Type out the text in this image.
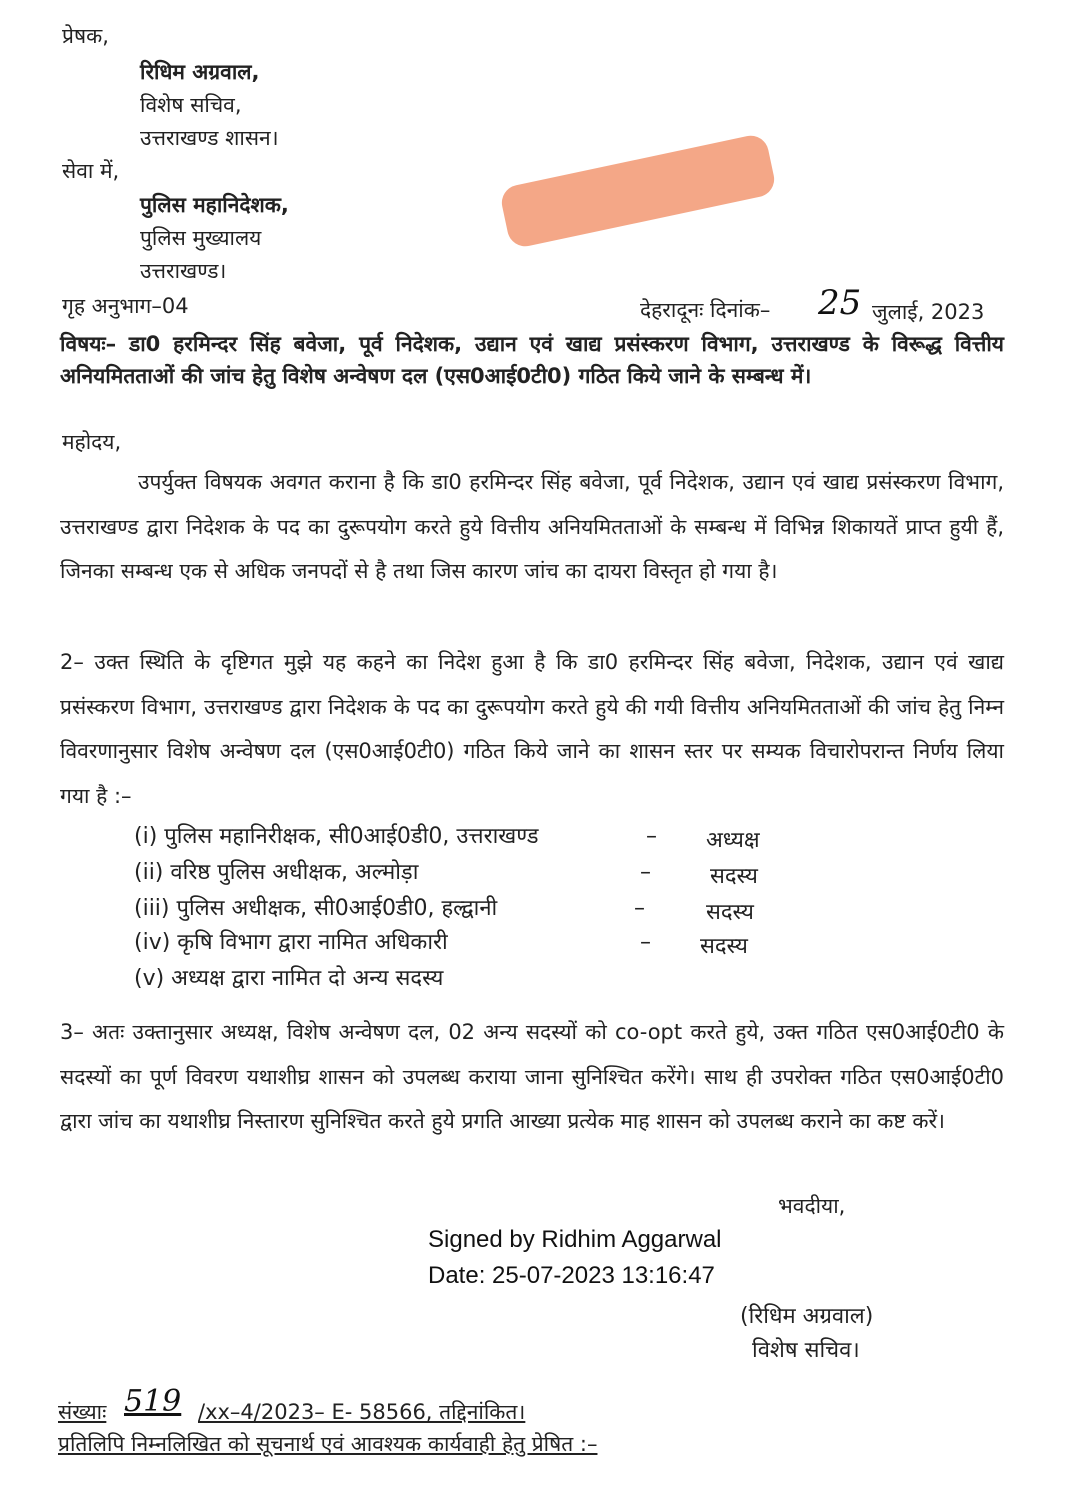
प्रेषक,
रिधिम अग्रवाल,
विशेष सचिव,
उत्तराखण्ड शासन।
सेवा में,
पुलिस महानिदेशक,
पुलिस मुख्यालय
उत्तराखण्ड।
गृह अनुभाग–04	देहरादूनः दिनांक– 25 जुलाई, 2023
विषयः– डा0 हरमिन्दर सिंह बवेजा, पूर्व निदेशक, उद्यान एवं खाद्य प्रसंस्करण विभाग, उत्तराखण्ड के विरूद्ध वित्तीय अनियमितताओं की जांच हेतु विशेष अन्वेषण दल (एस0आई0टी0) गठित किये जाने के सम्बन्ध में।
महोदय,
उपर्युक्त विषयक अवगत कराना है कि डा0 हरमिन्दर सिंह बवेजा, पूर्व निदेशक, उद्यान एवं खाद्य प्रसंस्करण विभाग, उत्तराखण्ड द्वारा निदेशक के पद का दुरूपयोग करते हुये वित्तीय अनियमितताओं के सम्बन्ध में विभिन्न शिकायतें प्राप्त हुयी हैं, जिनका सम्बन्ध एक से अधिक जनपदों से है तथा जिस कारण जांच का दायरा विस्तृत हो गया है।
2– उक्त स्थिति के दृष्टिगत मुझे यह कहने का निदेश हुआ है कि डा0 हरमिन्दर सिंह बवेजा, निदेशक, उद्यान एवं खाद्य प्रसंस्करण विभाग, उत्तराखण्ड द्वारा निदेशक के पद का दुरूपयोग करते हुये की गयी वित्तीय अनियमितताओं की जांच हेतु निम्न विवरणानुसार विशेष अन्वेषण दल (एस0आई0टी0) गठित किये जाने का शासन स्तर पर सम्यक विचारोपरान्त निर्णय लिया गया है :–
(i) पुलिस महानिरीक्षक, सी0आई0डी0, उत्तराखण्ड	– अध्यक्ष
(ii) वरिष्ठ पुलिस अधीक्षक, अल्मोड़ा	–	सदस्य
(iii) पुलिस अधीक्षक, सी0आई0डी0, हल्द्वानी	–	सदस्य
(iv) कृषि विभाग द्वारा नामित अधिकारी	– सदस्य
(v) अध्यक्ष द्वारा नामित दो अन्य सदस्य
3– अतः उक्तानुसार अध्यक्ष, विशेष अन्वेषण दल, 02 अन्य सदस्यों को co-opt करते हुये, उक्त गठित एस0आई0टी0 के सदस्यों का पूर्ण विवरण यथाशीघ्र शासन को उपलब्ध कराया जाना सुनिश्चित करेंगे। साथ ही उपरोक्त गठित एस0आई0टी0 द्वारा जांच का यथाशीघ्र निस्तारण सुनिश्चित करते हुये प्रगति आख्या प्रत्येक माह शासन को उपलब्ध कराने का कष्ट करें।
भवदीया,
Signed by Ridhim Aggarwal
Date: 25-07-2023 13:16:47
(रिधिम अग्रवाल)
विशेष सचिव।
संख्याः 519 /xx–4/2023– E- 58566, तद्दिनांकित।
प्रतिलिपि निम्नलिखित को सूचनार्थ एवं आवश्यक कार्यवाही हेतु प्रेषित :–
